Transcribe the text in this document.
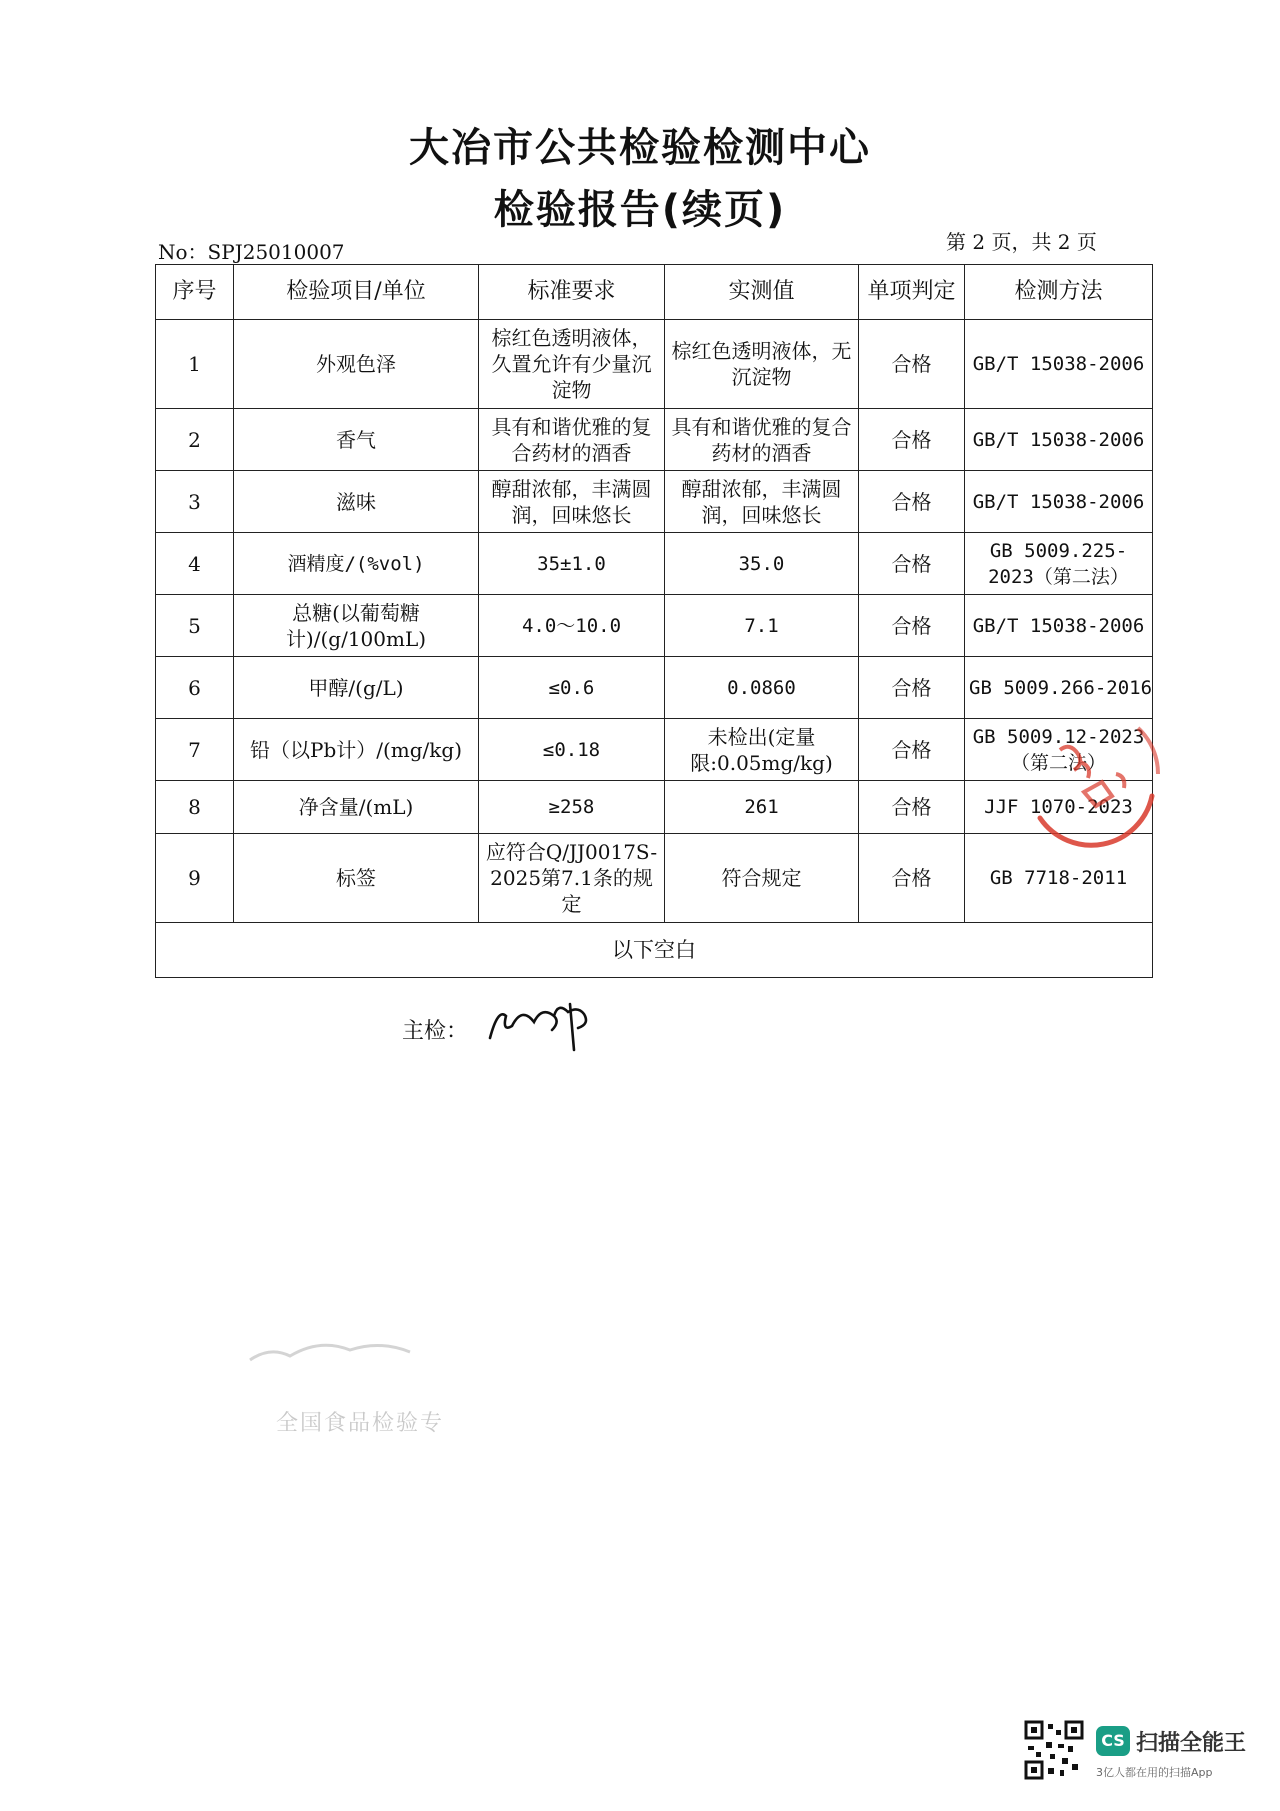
大冶市公共检验检测中心
检验报告(续页)
No：SPJ25010007	第 2 页，共 2 页
序号	检验项目/单位	标准要求	实测值	单项判定	检测方法
1	外观色泽	棕红色透明液体，久置允许有少量沉淀物	棕红色透明液体，无沉淀物	合格	GB/T 15038-2006
2	香气	具有和谐优雅的复合药材的酒香	具有和谐优雅的复合药材的酒香	合格	GB/T 15038-2006
3	滋味	醇甜浓郁，丰满圆润，回味悠长	醇甜浓郁，丰满圆润，回味悠长	合格	GB/T 15038-2006
4	酒精度/(%vol)	35±1.0	35.0	合格	GB 5009.225-2023（第二法）
5	总糖(以葡萄糖计)/(g/100mL)	4.0～10.0	7.1	合格	GB/T 15038-2006
6	甲醇/(g/L)	≤0.6	0.0860	合格	GB 5009.266-2016
7	铅（以Pb计）/(mg/kg)	≤0.18	未检出(定量限:0.05mg/kg)	合格	GB 5009.12-2023（第二法）
8	净含量/(mL)	≥258	261	合格	JJF 1070-2023
9	标签	应符合Q/JJ0017S-2025第7.1条的规定	符合规定	合格	GB 7718-2011
以下空白					
主检：
全国食品检验专
CS 扫描全能王
3亿人都在用的扫描App
